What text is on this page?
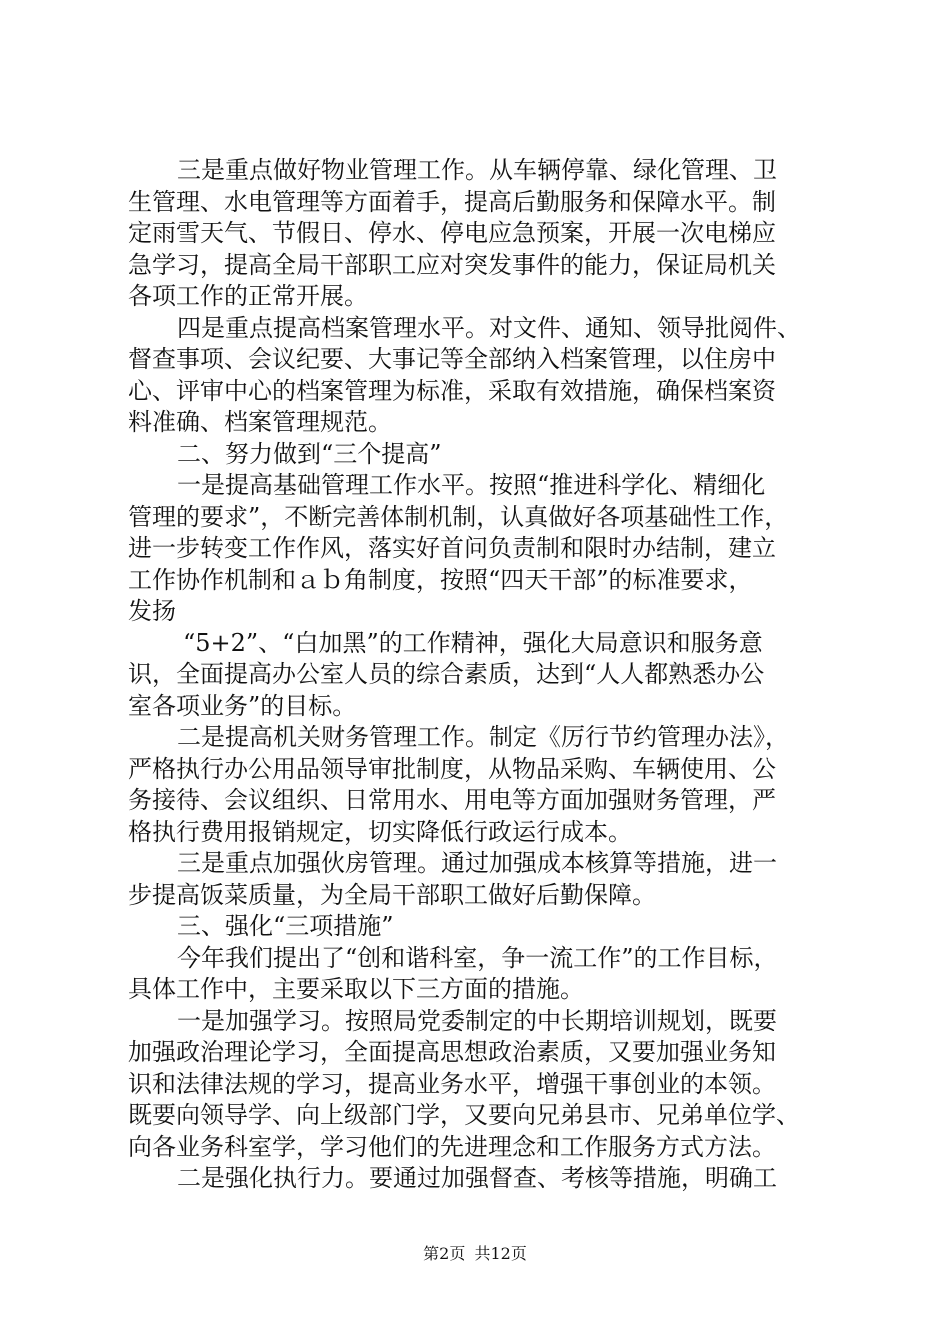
三是重点做好物业管理工作。从车辆停靠、绿化管理、卫
生管理、水电管理等方面着手，提高后勤服务和保障水平。制
定雨雪天气、节假日、停水、停电应急预案，开展一次电梯应
急学习，提高全局干部职工应对突发事件的能力，保证局机关
各项工作的正常开展。
四是重点提高档案管理水平。对文件、通知、领导批阅件、
督查事项、会议纪要、大事记等全部纳入档案管理，以住房中
心、评审中心的档案管理为标准，采取有效措施，确保档案资
料准确、档案管理规范。
二、努力做到“三个提高”
一是提高基础管理工作水平。按照“推进科学化、精细化
管理的要求”，不断完善体制机制，认真做好各项基础性工作，
进一步转变工作作风，落实好首问负责制和限时办结制，建立
工作协作机制和ａｂ角制度，按照“四天干部”的标准要求，
发扬
“5+2”、“白加黑”的工作精神，强化大局意识和服务意
识，全面提高办公室人员的综合素质，达到“人人都熟悉办公
室各项业务”的目标。
二是提高机关财务管理工作。制定《厉行节约管理办法》，
严格执行办公用品领导审批制度，从物品采购、车辆使用、公
务接待、会议组织、日常用水、用电等方面加强财务管理，严
格执行费用报销规定，切实降低行政运行成本。
三是重点加强伙房管理。通过加强成本核算等措施，进一
步提高饭菜质量，为全局干部职工做好后勤保障。
三、强化“三项措施”
今年我们提出了“创和谐科室，争一流工作”的工作目标，
具体工作中，主要采取以下三方面的措施。
一是加强学习。按照局党委制定的中长期培训规划，既要
加强政治理论学习，全面提高思想政治素质，又要加强业务知
识和法律法规的学习，提高业务水平，增强干事创业的本领。
既要向领导学、向上级部门学，又要向兄弟县市、兄弟单位学、
向各业务科室学，学习他们的先进理念和工作服务方式方法。
二是强化执行力。要通过加强督查、考核等措施，明确工
第2页 共12页
